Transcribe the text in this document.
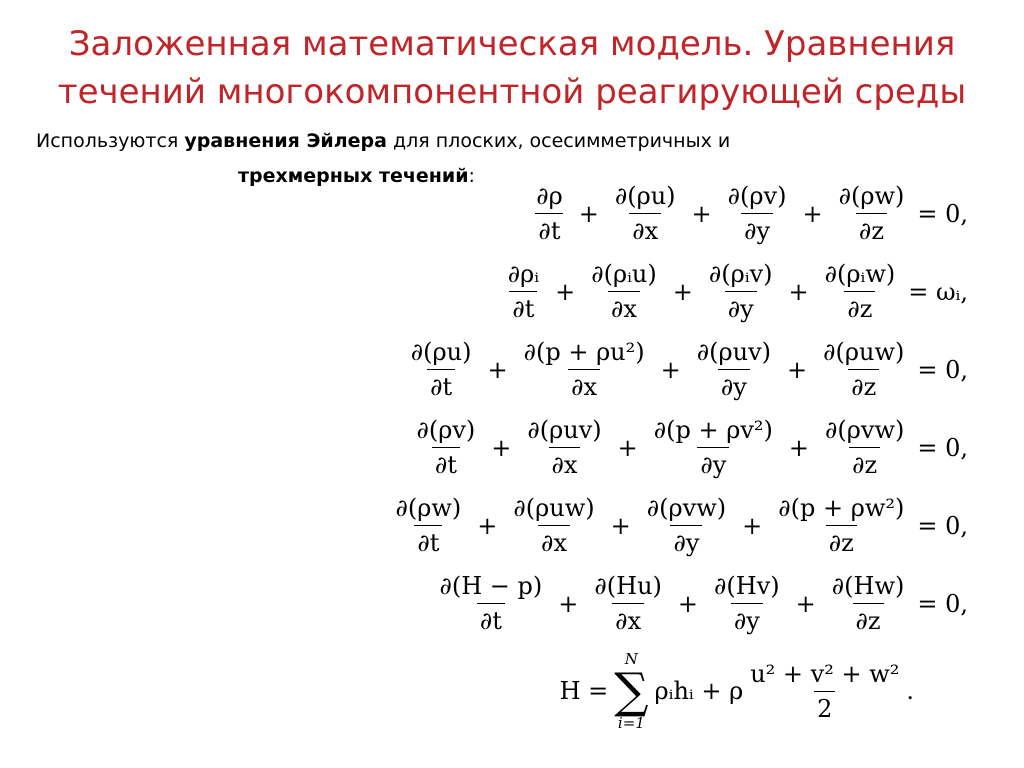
Заложенная математическая модель. Уравнения
течений многокомпонентной реагирующей среды
Используются уравнения Эйлера для плоских, осесимметричных и
трехмерных течений:
$\frac{\partial\rho}{\partial t} + \frac{\partial(\rho u)}{\partial x} + \frac{\partial(\rho v)}{\partial y} + \frac{\partial(\rho w)}{\partial z} = 0$,
$\frac{\text{∂ρᵢ}}{\partial t} + \frac{\text{∂(ρᵢu)}}{\partial x} + \frac{\text{∂(ρᵢv)}}{\partial y} + \frac{\text{∂(ρᵢw)}}{\partial z}$ = ωᵢ,
$\frac{\partial(\rho u)}{\partial t} + \frac{\text{∂(p + ρu²)}}{\partial x} + \frac{\text{∂(ρuv)}}{\partial y} + \frac{\text{∂(ρuw)}}{\partial z} = 0$,
$\frac{\partial(\rho v)}{\partial t} + \frac{\text{∂(ρuv)}}{\partial x} + \frac{\text{∂(p + ρv²)}}{\partial y} + \frac{\text{∂(ρvw)}}{\partial z} = 0$,
$\frac{\partial(\rho w)}{\partial t} + \frac{\text{∂(ρuw)}}{\partial x} + \frac{\text{∂(ρvw)}}{\partial y} + \frac{\text{∂(p + ρw²)}}{\partial z} = 0$,
$\frac{\partial(H - p)}{\partial t} + \frac{\partial(Hu)}{\partial x} + \frac{\partial(Hv)}{\partial y} + \frac{\partial(Hw)}{\partial z} = 0$,
H =
N
∑
i=1
ρᵢhᵢ + ρ $\frac{\text{u² + v² + w²}}{2}$ .
